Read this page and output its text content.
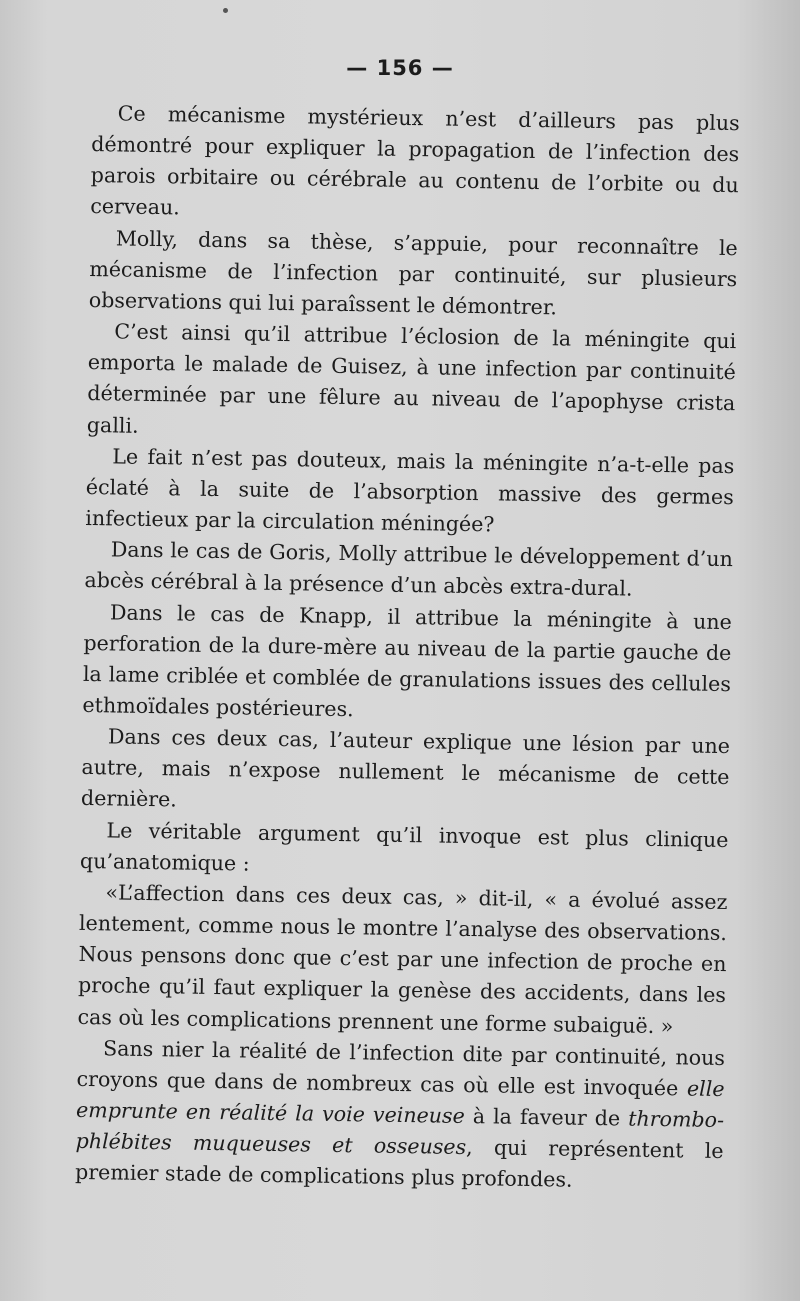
— 156 —

Ce mécanisme mystérieux n’est d’ailleurs pas plus démontré pour expliquer la propagation de l’infection des parois orbitaire ou cérébrale au contenu de l’orbite ou du cerveau.

Molly, dans sa thèse, s’appuie, pour reconnaître le mécanisme de l’infection par continuité, sur plusieurs observations qui lui paraîssent le démontrer.

C’est ainsi qu’il attribue l’éclosion de la méningite qui emporta le malade de Guisez, à une infection par continuité déterminée par une fêlure au niveau de l’apophyse crista galli.

Le fait n’est pas douteux, mais la méningite n’a-t-elle pas éclaté à la suite de l’absorption massive des germes infectieux par la circulation méningée?

Dans le cas de Goris, Molly attribue le développement d’un abcès cérébral à la présence d’un abcès extra-dural.

Dans le cas de Knapp, il attribue la méningite à une perforation de la dure-mère au niveau de la partie gauche de la lame criblée et comblée de granulations issues des cellules ethmoïdales postérieures.

Dans ces deux cas, l’auteur explique une lésion par une autre, mais n’expose nullement le mécanisme de cette dernière.

Le véritable argument qu’il invoque est plus clinique qu’anatomique :

«L’affection dans ces deux cas, » dit-il, « a évolué assez lentement, comme nous le montre l’analyse des observations. Nous pensons donc que c’est par une infection de proche en proche qu’il faut expliquer la genèse des accidents, dans les cas où les complications prennent une forme subaiguë. »

Sans nier la réalité de l’infection dite par continuité, nous croyons que dans de nombreux cas où elle est invoquée elle emprunte en réalité la voie veineuse à la faveur de thrombo-phlébites muqueuses et osseuses, qui représentent le premier stade de complications plus profondes.
